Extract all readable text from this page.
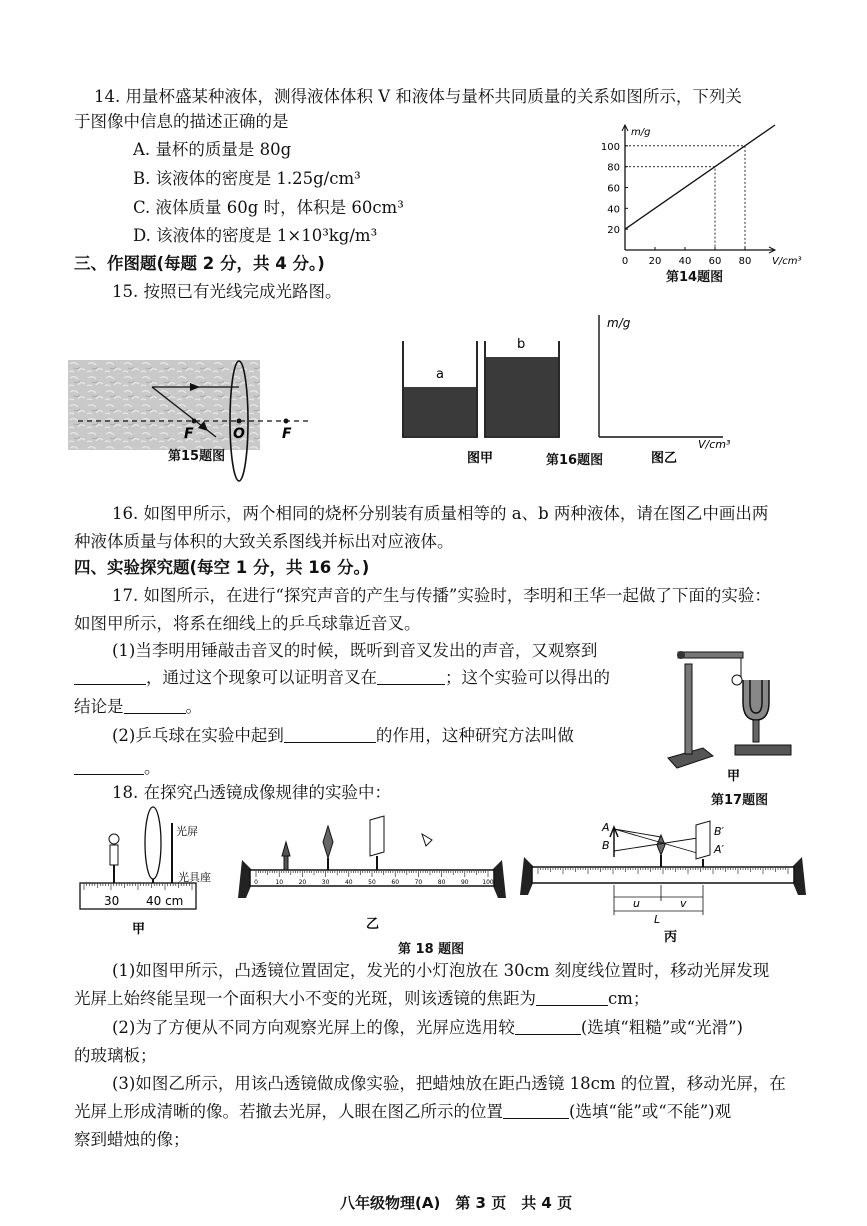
14. 用量杯盛某种液体，测得液体体积 V 和液体与量杯共同质量的关系如图所示，下列关
于图像中信息的描述正确的是
A. 量杯的质量是 80g
B. 该液体的密度是 1.25g/cm³
C. 液体质量 60g 时，体积是 60cm³
D. 该液体的密度是 1×10³kg/m³	20
40
60
80
100
0 20 40 60 80
m/g
V/cm³
第14题图
三、作图题(每题 2 分，共 4 分。)
15. 按照已有光线完成光路图。
F	O	F
第15题图
a
b
m/g
V/cm³
图甲	图乙
第16题图
16. 如图甲所示，两个相同的烧杯分别装有质量相等的 a、b 两种液体，请在图乙中画出两
种液体质量与体积的大致关系图线并标出对应液体。
四、实验探究题(每空 1 分，共 16 分。)
17. 如图所示，在进行“探究声音的产生与传播”实验时，李明和王华一起做了下面的实验：
如图甲所示，将系在细线上的乒乓球靠近音叉。
(1)当李明用锤敲击音叉的时候，既听到音叉发出的声音，又观察到
，通过这个现象可以证明音叉在	；这个实验可以得出的
结论是	。
(2)乒乓球在实验中起到	的作用，这种研究方法叫做
。	甲
第17题图
18. 在探究凸透镜成像规律的实验中：
30 40 cm
光屏
光具座
甲
0	10	20	30	40	50	60	70	80	90 100
乙
A
B
B′
A′
u	v
L
丙
第 18 题图
(1)如图甲所示，凸透镜位置固定，发光的小灯泡放在 30cm 刻度线位置时，移动光屏发现
光屏上始终能呈现一个面积大小不变的光斑，则该透镜的焦距为	cm；
(2)为了方便从不同方向观察光屏上的像，光屏应选用较	(选填“粗糙”或“光滑”)
的玻璃板；
(3)如图乙所示，用该凸透镜做成像实验，把蜡烛放在距凸透镜 18cm 的位置，移动光屏，在
光屏上形成清晰的像。若撤去光屏，人眼在图乙所示的位置	(选填“能”或“不能”)观
察到蜡烛的像；
八年级物理(A)　第 3 页　共 4 页
